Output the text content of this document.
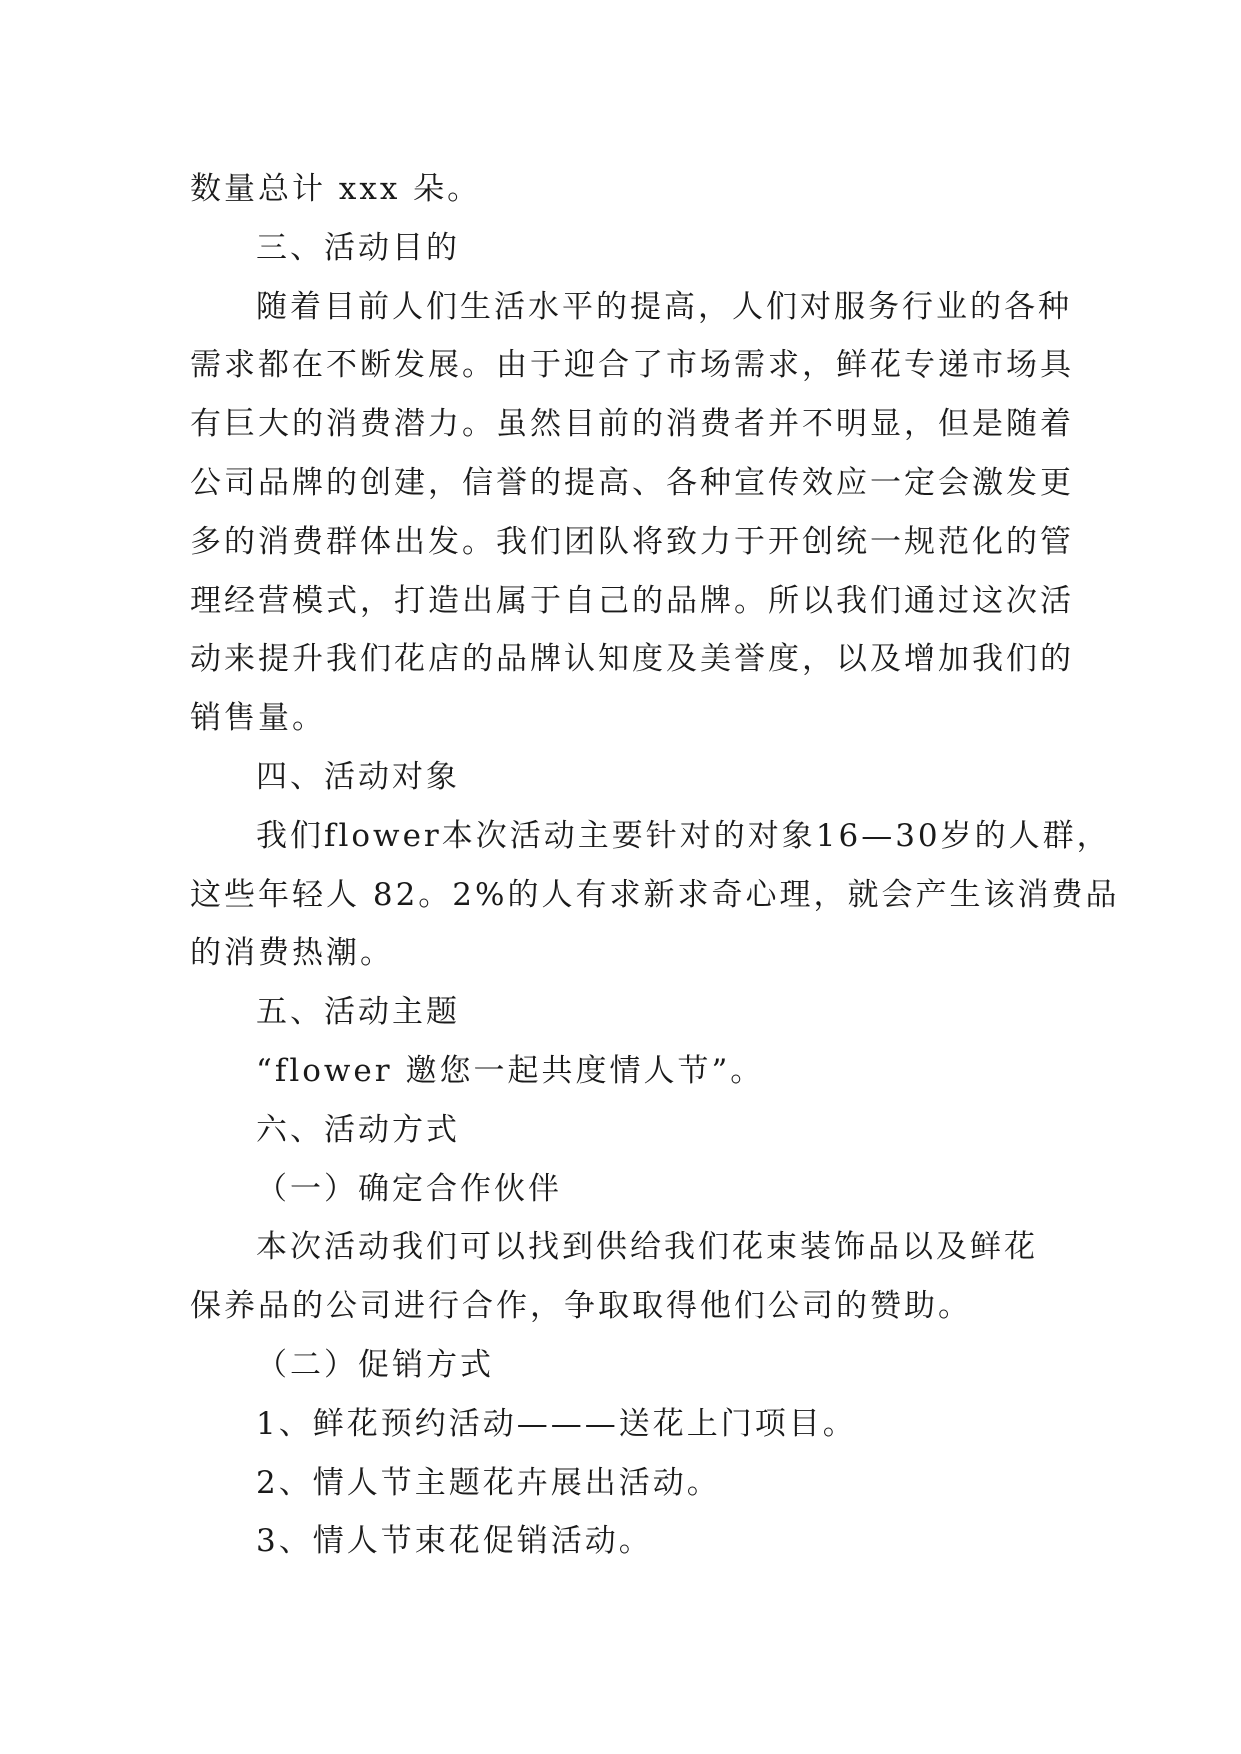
数量总计 xxx 朵。
三、活动目的
随着目前人们生活水平的提高，人们对服务行业的各种
需求都在不断发展。由于迎合了市场需求，鲜花专递市场具
有巨大的消费潜力。虽然目前的消费者并不明显，但是随着
公司品牌的创建，信誉的提高、各种宣传效应一定会激发更
多的消费群体出发。我们团队将致力于开创统一规范化的管
理经营模式，打造出属于自己的品牌。所以我们通过这次活
动来提升我们花店的品牌认知度及美誉度，以及增加我们的
销售量。
四、活动对象
我们flower本次活动主要针对的对象16—30岁的人群，
这些年轻人 82。2%的人有求新求奇心理，就会产生该消费品
的消费热潮。
五、活动主题
“flower 邀您一起共度情人节”。
六、活动方式
（一）确定合作伙伴
本次活动我们可以找到供给我们花束装饰品以及鲜花
保养品的公司进行合作，争取取得他们公司的赞助。
（二）促销方式
1、鲜花预约活动———送花上门项目。
2、情人节主题花卉展出活动。
3、情人节束花促销活动。
